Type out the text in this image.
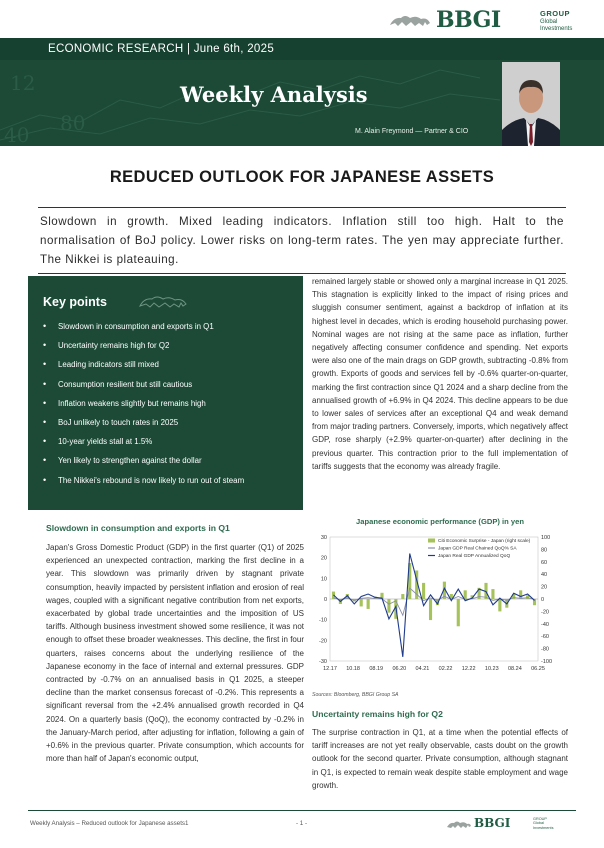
BBGI	GROUP
Global
Investments
ECONOMIC RESEARCH | June 6th, 2025
12
80
40
Weekly Analysis
M. Alain Freymond — Partner & CIO
REDUCED OUTLOOK FOR JAPANESE ASSETS
Slowdown in growth. Mixed leading indicators. Inflation still too high. Halt to the normalisation of BoJ policy. Lower risks on long-term rates. The yen may appreciate further. The Nikkei is plateauing.
Key points
• Slowdown in consumption and exports in Q1
• Uncertainty remains high for Q2
• Leading indicators still mixed
• Consumption resilient but still cautious
• Inflation weakens slightly but remains high
• BoJ unlikely to touch rates in 2025
• 10-year yields stall at 1.5%
• Yen likely to strengthen against the dollar
• The Nikkei's rebound is now likely to run out of steam
Slowdown in consumption and exports in Q1
Japan's Gross Domestic Product (GDP) in the first quarter (Q1) of 2025 experienced an unexpected contraction, marking the first decline in a year. This slowdown was primarily driven by stagnant private consumption, heavily impacted by persistent inflation and erosion of real wages, coupled with a significant negative contribution from net exports, exacerbated by global trade uncertainties and the imposition of US tariffs. Although business investment showed some resilience, it was not enough to offset these broader weaknesses. This decline, the first in four quarters, raises concerns about the underlying resilience of the Japanese economy in the face of internal and external pressures. GDP contracted by -0.7% on an annualised basis in Q1 2025, a steeper decline than the market consensus forecast of -0.2%. This represents a significant reversal from the +2.4% annualised growth recorded in Q4 2024. On a quarterly basis (QoQ), the economy contracted by -0.2% in the January-March period, after adjusting for inflation, following a gain of +0.6% in the previous quarter. Private consumption, which accounts for more than half of Japan's economic output,
remained largely stable or showed only a marginal increase in Q1 2025. This stagnation is explicitly linked to the impact of rising prices and sluggish consumer sentiment, against a backdrop of inflation at its highest level in decades, which is eroding household purchasing power. Nominal wages are not rising at the same pace as inflation, further negatively affecting consumer confidence and spending. Net exports were also one of the main drags on GDP growth, subtracting -0.8% from growth. Exports of goods and services fell by -0.6% quarter-on-quarter, marking the first contraction since Q1 2024 and a sharp decline from the annualised growth of +6.9% in Q4 2024. This decline appears to be due to lower sales of services after an exceptional Q4 and weak demand from major trading partners. Conversely, imports, which negatively affect GDP, rose sharply (+2.9% quarter-on-quarter) after declining in the previous quarter. This contraction prior to the full implementation of tariffs suggests that the economy was already fragile.
Japanese economic performance (GDP) in yen
30
20
10
0
-10
-20
-30
100
80
60
40
20
0
-20
-40
-60
-80
-100
12.17 10.18 08.19 06.20 04.21 02.22 12.22 10.23 08.24 06.25
Citi Economic Surprise - Japan (right scale)
Japan GDP Real Chained QoQ% SA
Japan Real GDP Annualized QoQ
Sources: Bloomberg, BBGI Group SA
Uncertainty remains high for Q2
The surprise contraction in Q1, at a time when the potential effects of tariff increases are not yet really observable, casts doubt on the growth outlook for the second quarter. Private consumption, although stagnant in Q1, is expected to remain weak despite stable employment and wage growth.
Weekly Analysis – Reduced outlook for Japanese assets1	- 1 -	BBGI	GROUP
Global
Investments
